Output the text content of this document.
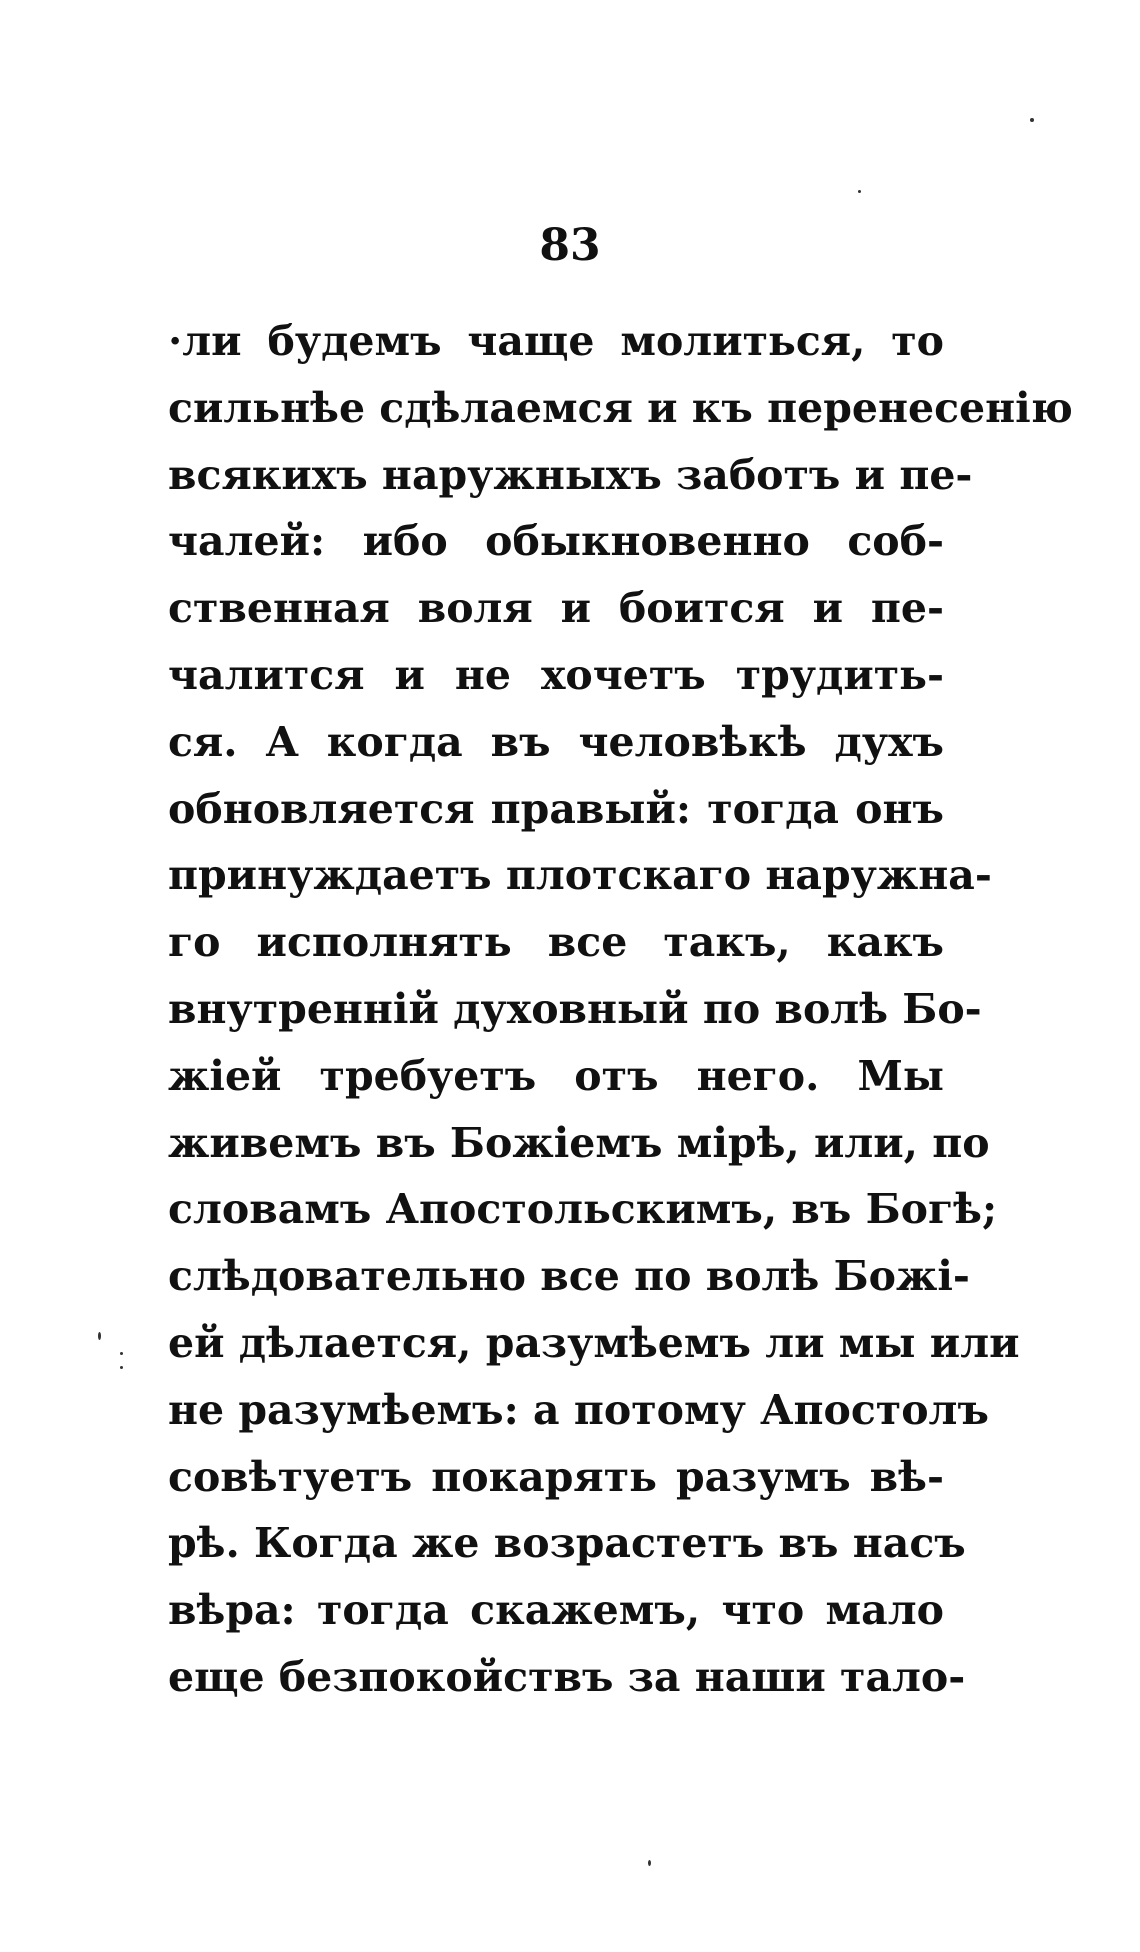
83
·ли будемъ чаще молиться, то
сильнѣе сдѣлаемся и къ перенесенію
всякихъ наружныхъ заботъ и пе-
чалей: ибо обыкновенно соб-
ственная воля и боится и пе-
чалится и не хочетъ трудить-
ся. А когда въ человѣкѣ духъ
обновляется правый: тогда онъ
принуждаетъ плотскаго наружна-
го исполнять все такъ, какъ
внутренній духовный по волѣ Бо-
жіей требуетъ отъ него. Мы
живемъ въ Божіемъ мірѣ, или, по
словамъ Апостольскимъ, въ Богѣ;
слѣдовательно все по волѣ Божі-
ей дѣлается, разумѣемъ ли мы или
не разумѣемъ: а потому Апостолъ
совѣтуетъ покарять разумъ вѣ-
рѣ. Когда же возрастетъ въ насъ
вѣра: тогда скажемъ, что мало
еще безпокойствъ за наши тало-
